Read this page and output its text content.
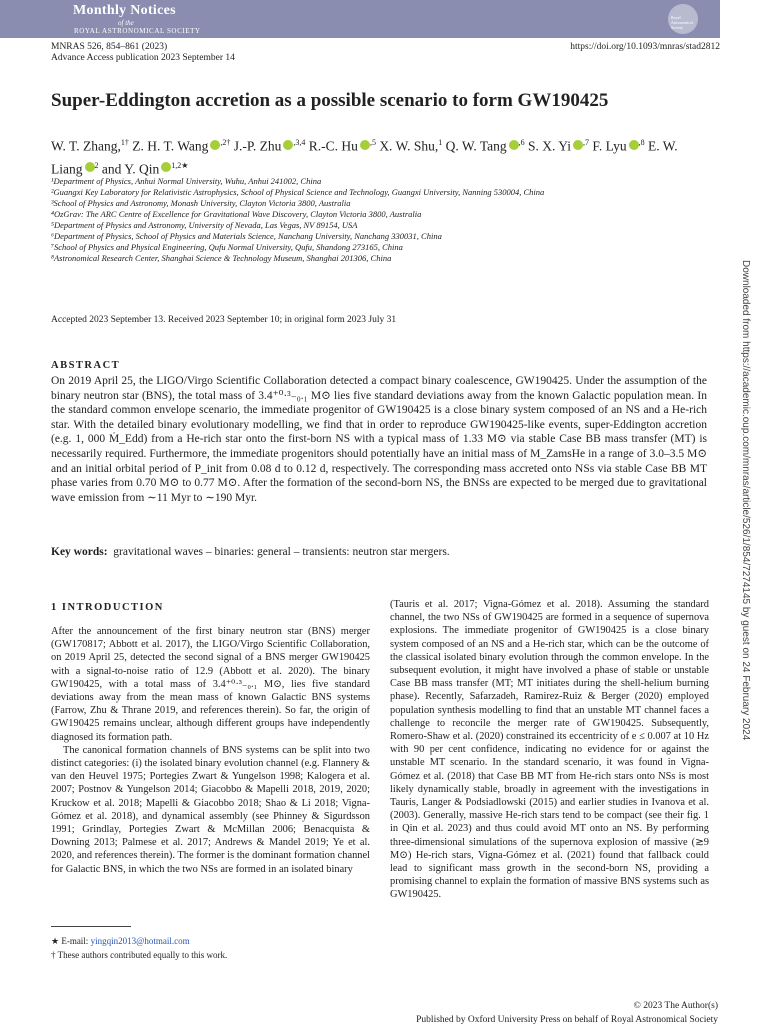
Monthly Notices
of the
ROYAL ASTRONOMICAL SOCIETY
Royal Astronomical Society
MNRAS 526, 854–861 (2023)	https://doi.org/10.1093/mnras/stad2812
Advance Access publication 2023 September 14
Super-Eddington accretion as a possible scenario to form GW190425
W. T. Zhang,$^{1\dagger}$ Z. H. T. Wang $^{,2\dagger}$ J.-P. Zhu $^{,3,4}$ R.-C. Hu $^{,5}$ X. W. Shu,$^1$ Q. W. Tang $^{,6}$ S. X. Yi $^{,7}$ F. Lyu $^{,8}$ E. W. Liang $^2$ and Y. Qin $^{1,2★}$
¹Department of Physics, Anhui Normal University, Wuhu, Anhui 241002, China
²Guangxi Key Laboratory for Relativistic Astrophysics, School of Physical Science and Technology, Guangxi University, Nanning 530004, China
³School of Physics and Astronomy, Monash University, Clayton Victoria 3800, Australia
⁴OzGrav: The ARC Centre of Excellence for Gravitational Wave Discovery, Clayton Victoria 3800, Australia
⁵Department of Physics and Astronomy, University of Nevada, Las Vegas, NV 89154, USA
⁶Department of Physics, School of Physics and Materials Science, Nanchang University, Nanchang 330031, China
⁷School of Physics and Physical Engineering, Qufu Normal University, Qufu, Shandong 273165, China
⁸Astronomical Research Center, Shanghai Science & Technology Museum, Shanghai 201306, China
Accepted 2023 September 13. Received 2023 September 10; in original form 2023 July 31
ABSTRACT
On 2019 April 25, the LIGO/Virgo Scientific Collaboration detected a compact binary coalescence, GW190425. Under the assumption of the binary neutron star (BNS), the total mass of 3.4⁺⁰·³₋₀.₁ M⊙ lies five standard deviations away from the known Galactic population mean. In the standard common envelope scenario, the immediate progenitor of GW190425 is a close binary system composed of an NS and a He-rich star. With the detailed binary evolutionary modelling, we find that in order to reproduce GW190425-like events, super-Eddington accretion (e.g. 1, 000 Ṁ_Edd) from a He-rich star onto the first-born NS with a typical mass of 1.33 M⊙ via stable Case BB mass transfer (MT) is necessarily required. Furthermore, the immediate progenitors should potentially have an initial mass of M_ZamsHe in a range of 3.0–3.5 M⊙ and an initial orbital period of P_init from 0.08 d to 0.12 d, respectively. The corresponding mass accreted onto NSs via stable Case BB MT phase varies from 0.70 M⊙ to 0.77 M⊙. After the formation of the second-born NS, the BNSs are expected to be merged due to gravitational wave emission from ∼11 Myr to ∼190 Myr.
Key words: gravitational waves – binaries: general – transients: neutron star mergers.
1 INTRODUCTION

After the announcement of the first binary neutron star (BNS) merger (GW170817; Abbott et al. 2017), the LIGO/Virgo Scientific Collaboration, on 2019 April 25, detected the second signal of a BNS merger GW190425 with a signal-to-noise ratio of 12.9 (Abbott et al. 2020). The binary GW190425, with a total mass of 3.4⁺⁰·³₋₀.₁ M⊙, lies five standard deviations away from the mean mass of known Galactic BNS systems (Farrow, Zhu & Thrane 2019, and references therein). So far, the origin of GW190425 remains unclear, although different groups have independently diagnosed its formation path.

The canonical formation channels of BNS systems can be split into two distinct categories: (i) the isolated binary evolution channel (e.g. Flannery & van den Heuvel 1975; Portegies Zwart & Yungelson 1998; Kalogera et al. 2007; Postnov & Yungelson 2014; Giacobbo & Mapelli 2018, 2019, 2020; Kruckow et al. 2018; Mapelli & Giacobbo 2018; Shao & Li 2018; Vigna-Gómez et al. 2018), and dynamical assembly (see Phinney & Sigurdsson 1991; Grindlay, Portegies Zwart & McMillan 2006; Benacquista & Downing 2013; Palmese et al. 2017; Andrews & Mandel 2019; Ye et al. 2020, and references therein). The former is the dominant formation channel for Galactic BNS, in which the two NSs are formed in an isolated binary

(Tauris et al. 2017; Vigna-Gómez et al. 2018). Assuming the standard channel, the two NSs of GW190425 are formed in a sequence of supernova explosions. The immediate progenitor of GW190425 is a close binary system composed of an NS and a He-rich star, which can be the outcome of the classical isolated binary evolution through the common envelope. In the subsequent evolution, it might have involved a phase of stable or unstable Case BB mass transfer (MT; MT initiates during the shell-helium burning phase). Recently, Safarzadeh, Ramirez-Ruiz & Berger (2020) employed population synthesis modelling to find that an unstable MT channel faces a challenge to reconcile the merger rate of GW190425. Subsequently, Romero-Shaw et al. (2020) constrained its eccentricity of e ≤ 0.007 at 10 Hz with 90 per cent confidence, indicating no evidence for or against the unstable MT scenario. In the standard scenario, it was found in Vigna-Gómez et al. (2018) that Case BB MT from He-rich stars onto NSs is most likely dynamically stable, broadly in agreement with the investigations in Tauris, Langer & Podsiadlowski (2015) and earlier studies in Ivanova et al. (2003). Generally, massive He-rich stars tend to be compact (see their fig. 1 in Qin et al. 2023) and thus could avoid MT onto an NS. By performing three-dimensional simulations of the supernova explosion of massive (≳9 M⊙) He-rich stars, Vigna-Gómez et al. (2021) found that fallback could lead to significant mass growth in the second-born NS, providing a promising channel to explain the formation of massive BNS systems such as GW190425.

★ E-mail: yingqin2013@hotmail.com
† These authors contributed equally to this work.
© 2023 The Author(s)
Published by Oxford University Press on behalf of Royal Astronomical Society
Downloaded from https://academic.oup.com/mnras/article/526/1/854/7274145 by guest on 24 February 2024
